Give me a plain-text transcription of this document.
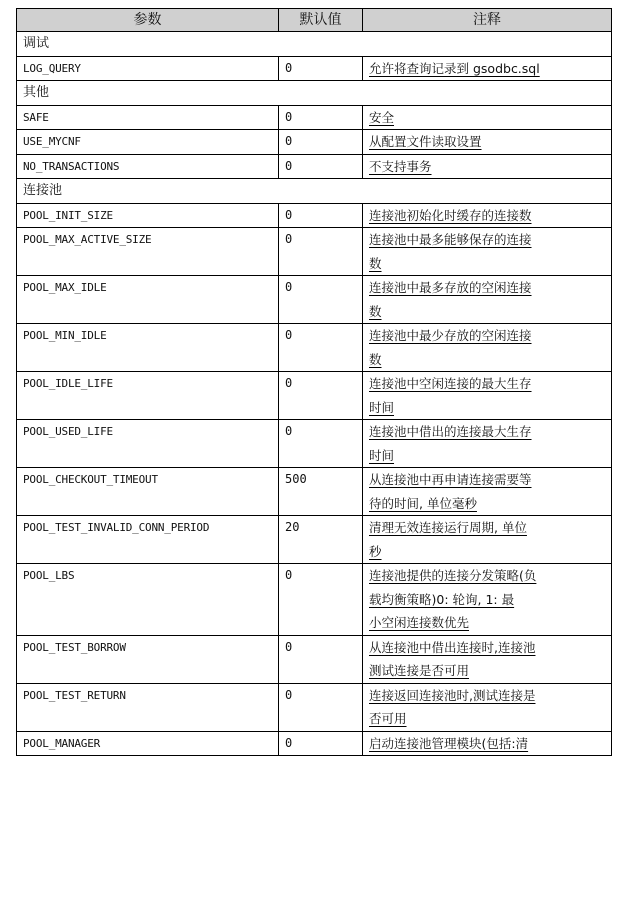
参数	默认值	注释
调试		
LOG_QUERY	0	允许将查询记录到 gsodbc.sql

其他		
SAFE	0	安全

USE_MYCNF	0	从配置文件读取设置

NO_TRANSACTIONS	0	不支持事务

连接池		
POOL_INIT_SIZE	0	连接池初始化时缓存的连接数

POOL_MAX_ACTIVE_SIZE	0	连接池中最多能够保存的连接
数

POOL_MAX_IDLE	0	连接池中最多存放的空闲连接
数

POOL_MIN_IDLE	0	连接池中最少存放的空闲连接
数

POOL_IDLE_LIFE	0	连接池中空闲连接的最大生存
时间

POOL_USED_LIFE	0	连接池中借出的连接最大生存
时间

POOL_CHECKOUT_TIMEOUT	500	从连接池中再申请连接需要等
待的时间, 单位毫秒

POOL_TEST_INVALID_CONN_PERIOD	20	清理无效连接运行周期, 单位
秒

POOL_LBS	0	连接池提供的连接分发策略(负
载均衡策略)0: 轮询, 1: 最
小空闲连接数优先

POOL_TEST_BORROW	0	从连接池中借出连接时,连接池
测试连接是否可用

POOL_TEST_RETURN	0	连接返回连接池时,测试连接是
否可用

POOL_MANAGER	0	启动连接池管理模块(包括:清
